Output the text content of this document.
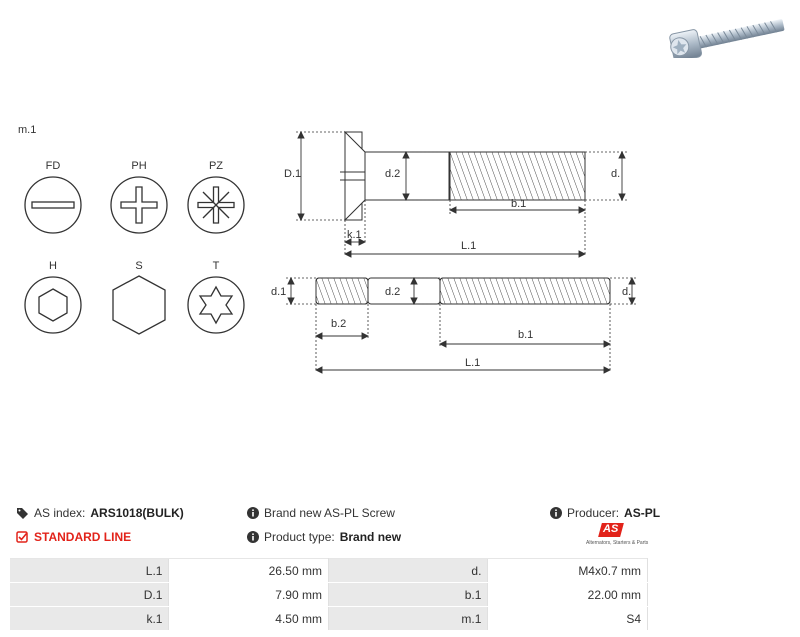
m.1
FD	PH	PZ
H	S	T
D.1	d.2	d.
b.1
k.1
L.1
d.1	d.2	d.
b.2
b.1
L.1
AS index: ARS1018(BULK)
STANDARD LINE
Brand new AS-PL Screw
Product type: Brand new
Producer: AS-PL
AS
Alternators, Starters & Parts
L.1	26.50 mm	d.	M4x0.7 mm
D.1	7.90 mm	b.1	22.00 mm
k.1	4.50 mm	m.1	S4
